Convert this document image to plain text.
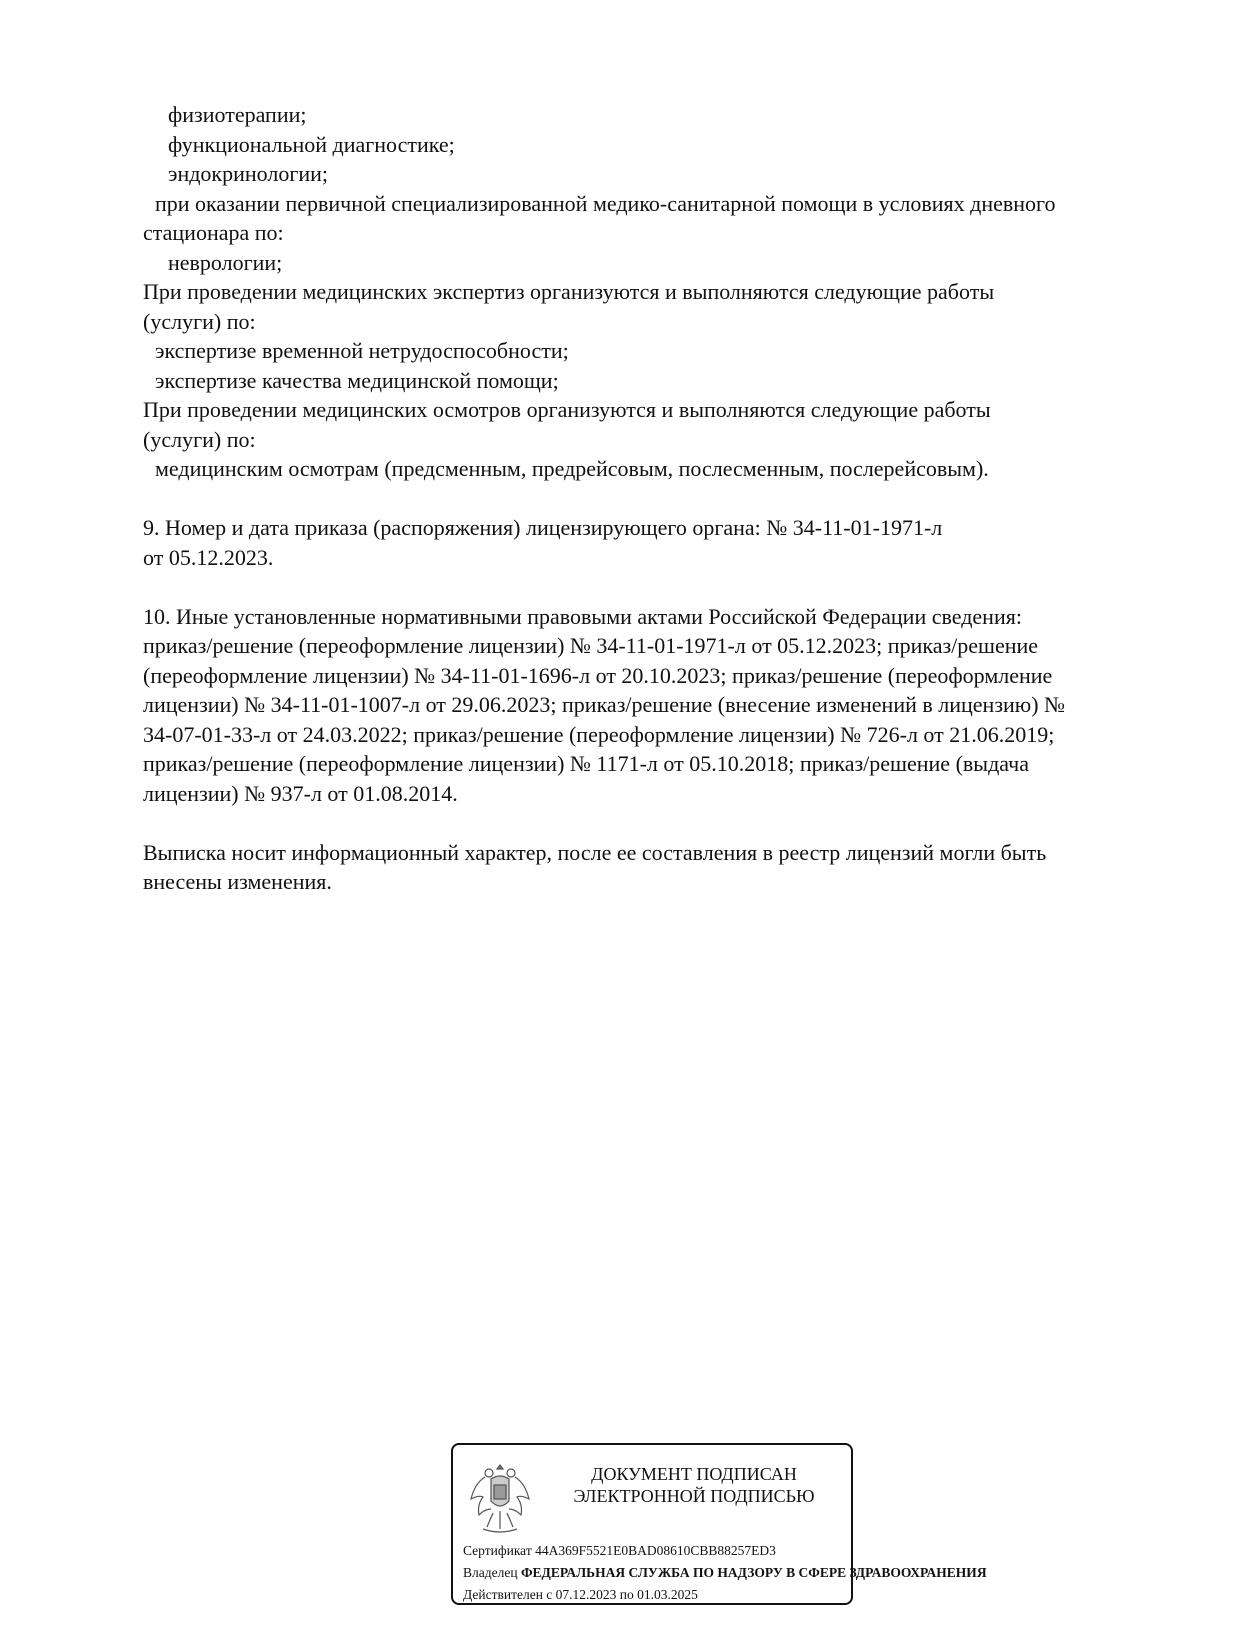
физиотерапии;
функциональной диагностике;
эндокринологии;
при оказании первичной специализированной медико-санитарной помощи в условиях дневного
стационара по:
неврологии;
При проведении медицинских экспертиз организуются и выполняются следующие работы
(услуги) по:
экспертизе временной нетрудоспособности;
экспертизе качества медицинской помощи;
При проведении медицинских осмотров организуются и выполняются следующие работы
(услуги) по:
медицинским осмотрам (предсменным, предрейсовым, послесменным, послерейсовым).
9. Номер и дата приказа (распоряжения) лицензирующего органа: № 34-11-01-1971-л
от 05.12.2023.
10. Иные установленные нормативными правовыми актами Российской Федерации сведения:
приказ/решение (переоформление лицензии) № 34-11-01-1971-л от 05.12.2023; приказ/решение
(переоформление лицензии) № 34-11-01-1696-л от 20.10.2023; приказ/решение (переоформление
лицензии) № 34-11-01-1007-л от 29.06.2023; приказ/решение (внесение изменений в лицензию) №
34-07-01-33-л от 24.03.2022; приказ/решение (переоформление лицензии) № 726-л от 21.06.2019;
приказ/решение (переоформление лицензии) № 1171-л от 05.10.2018; приказ/решение (выдача
лицензии) № 937-л от 01.08.2014.
Выписка носит информационный характер, после ее составления в реестр лицензий могли быть
внесены изменения.
ДОКУМЕНТ ПОДПИСАН
ЭЛЕКТРОННОЙ ПОДПИСЬЮ
Сертификат 44A369F5521E0BAD08610CBB88257ED3
Владелец ФЕДЕРАЛЬНАЯ СЛУЖБА ПО НАДЗОРУ В СФЕРЕ ЗДРАВООХРАНЕНИЯ
Действителен с 07.12.2023 по 01.03.2025
